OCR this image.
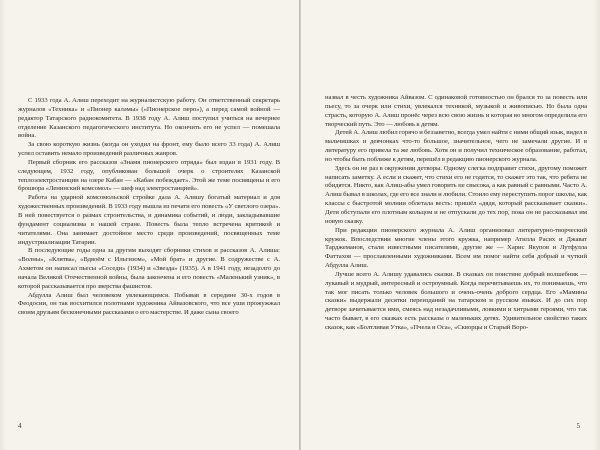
С 1933 года А. Алиш переходит на журналистскую работу. Он ответственный секретарь журналов «Техника» и «Пионер каләмы» («Пионерское перо»), а перед самой войной — редактор Татарского радиокомитета. В 1938 году А. Алиш поступил учиться на вечернее отделение Казанского педагогического института. Но окончить его не успел — помешала война.

За свою короткую жизнь (когда он уходил на фронт, ему было всего 33 года) А. Алиш успел оставить немало произведений различных жанров.

Первый сборник его рассказов «Знамя пионерского отряда» был издан в 1931 году. В следующем, 1932 году, опубликован большой очерк о строителях Казанской теплоэлектростанции на озере Кабан — «Кабан побеждает». Этой же теме посвящены и его брошюра «Ленинский комсомол» — шеф над электростанцией».

Работа на ударной комсомольской стройке дала А. Алишу богатый материал и для художественных произведений. В 1933 году вышла из печати его повесть «У светлого озера». В ней повествуется о размах строительства, и динамика событий, и люди, закладывавшие фундамент социализма в нашей стране. Повесть была тепло встречена критикой и читателями. Она занимает достойное место среди произведений, посвященных теме индустриализации Татарии.

В последующие годы одна за другим выходят сборники стихов и рассказов А. Алиша: «Волны», «Клятва», «Вдвоём с Ильгизом», «Мой брат» и другие. В содружестве с А. Ахметом он написал пьесы «Соседи» (1934) и «Звезда» (1935). А в 1941 году, незадолго до начала Великой Отечественной войны, была закончена и его повесть «Маленький узник», в которой рассказывается про зверства фашистов.

Абдулла Алиш был человеком увлекающимся. Побывав в середине 30-х годов в Феодосии, он так восхитился полотнами художника Айвазовского, что все уши прожужжал своим друзьям бесконечными рассказами о его мастерстве. И даже сына своего

4

назвал в честь художника Айвазом. С одинаковой готовностью он брался то за повесть или пьесу, то за очерк или стихи, увлекался техникой, музыкой и живописью. Но была одна страсть, которую А. Алиш пронёс через всю свою жизнь и которая во многом определила его творческий путь. Это — любовь к детям.

Детей А. Алиш любил горячо и беззаветно, всегда умел найти с ними общий язык, видел в мальчишках и девчонках что-то большое, значительное, чего не замечали другие. И в литературу его привела та же любовь. Хотя он и получил техническое образование, работал, но чтобы быть поближе к детям, перешёл в редакцию пионерского журнала.

Здесь он не раз в окружении детворы. Одному слегка подправит стихи, другому поможет написать заметку. А если и скажет, что стихи его не годятся, то скажет это так, что ребята не обидятся. Никто, как Алиш-абы умел говорить не свысока, а как равный с равными. Часто А. Алиш бывал в школах, где его все знали и любили. Стоило ему переступить порог школы, как классы с быстротой молнии облетала весть: пришёл «дядя, который рассказывает сказки». Дети обступали его плотным кольцом и не отпускали до тех пор, пока он не рассказывал им новую сказку.

При редакции пионерского журнала А. Алиш организовал литературно-творческий кружок. Впоследствии многие члены этого кружка, например Атилла Расих и Джават Тарджеманов, стали известными писателями, другие же — Харис Якупов и Лутфулла Фаттахов — прославленными художниками. Всем им помог найти себя добрый и чуткий Абдулла Алиш.

Лучше всего А. Алишу удавались сказки. В сказках он поистине добрый волшебник — лукавый и мудрый, интересный и остроумный. Когда перечитываешь их, то понимаешь, что так мог писать только человек большого и очень-очень доброго сердца. Его «Мамины сказки» выдержали десятки переизданий на татарском и русском языках. И до сих пор детворе зачитывается ими, смеясь над незадачливыми, ловкими и хитрыми героями, что так часто бывает, в его сказках есть рассказы о маленьких детях. Удивительное свойство таких сказок, как «Болтливая Утка», «Пчела и Оса», «Скворцы и Старый Воро-

5
